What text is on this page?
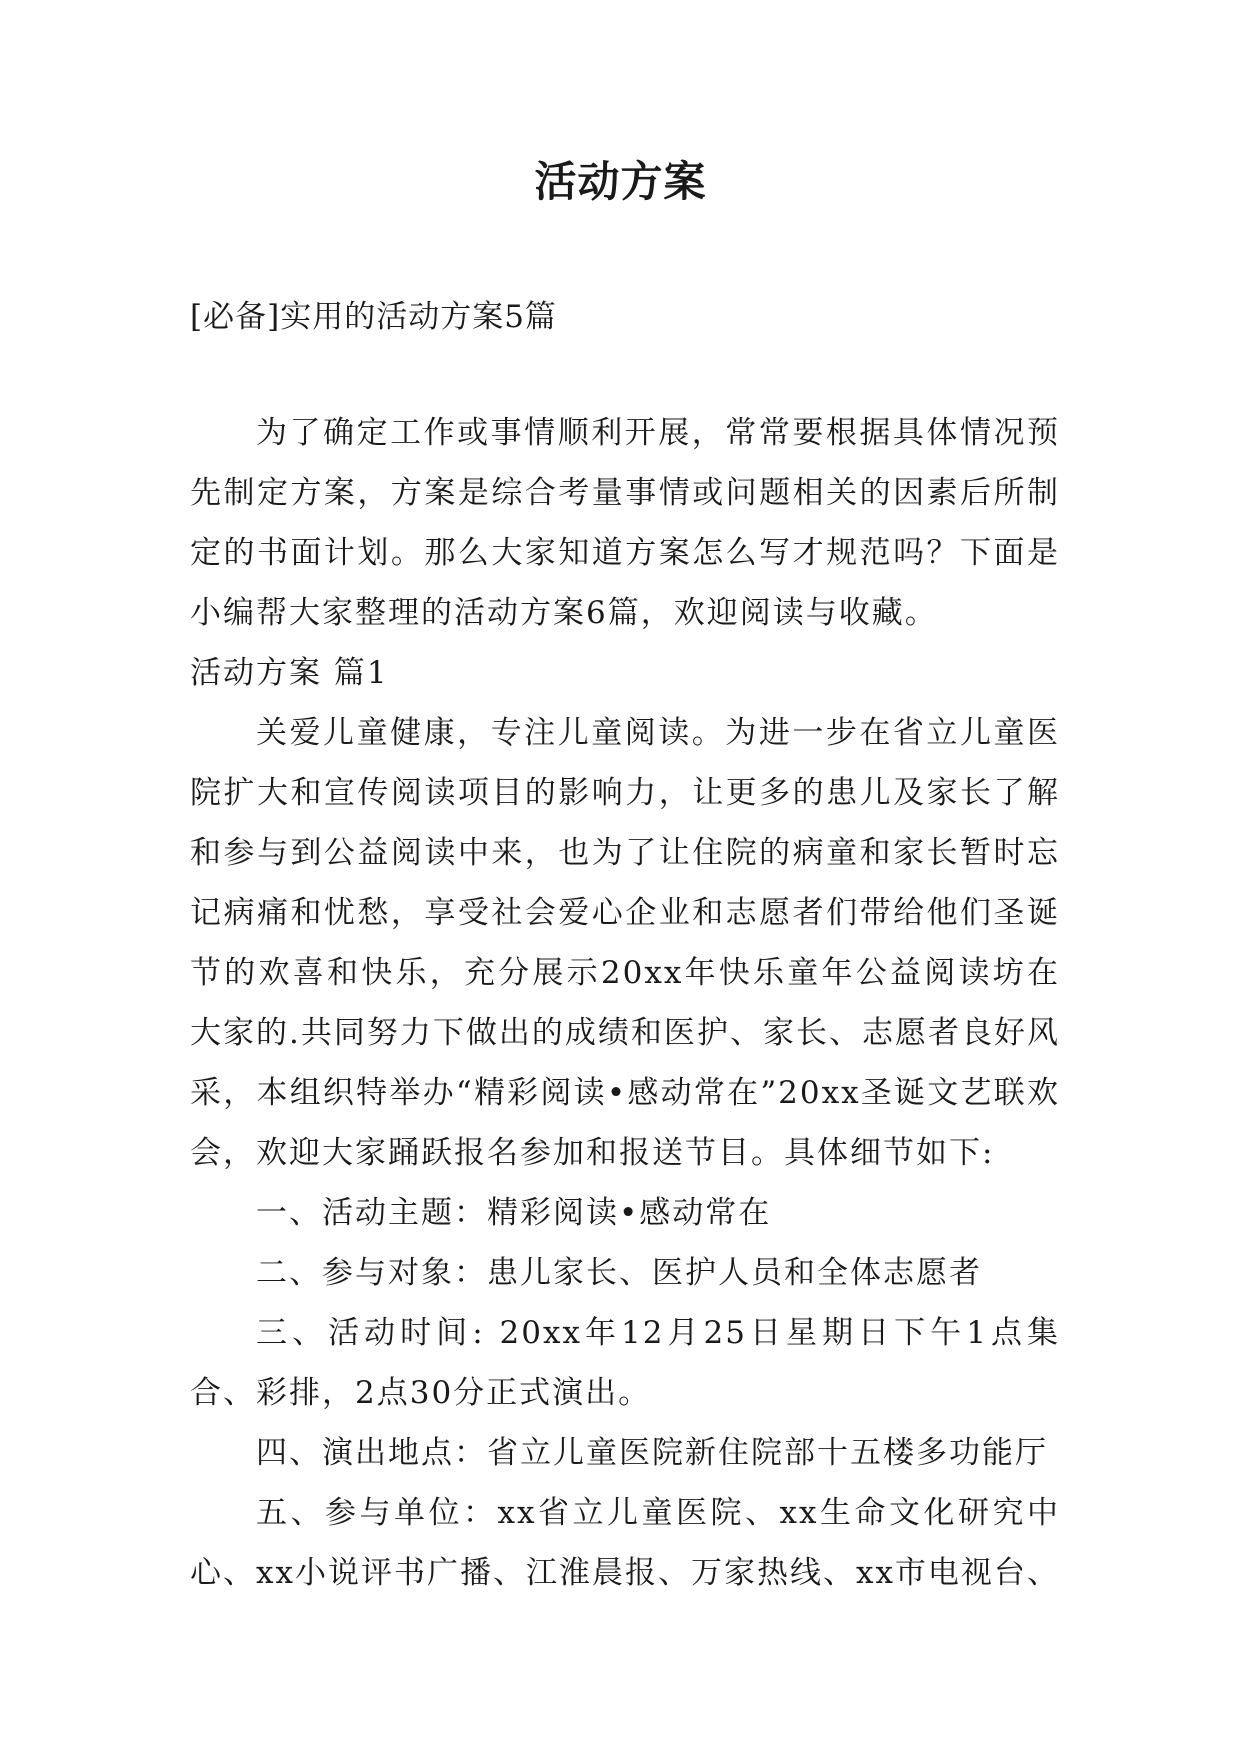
活动方案
[必备]实用的活动方案5篇

为了确定工作或事情顺利开展，常常要根据具体情况预先制定方案，方案是综合考量事情或问题相关的因素后所制定的书面计划。那么大家知道方案怎么写才规范吗？下面是小编帮大家整理的活动方案6篇，欢迎阅读与收藏。

活动方案 篇1

关爱儿童健康，专注儿童阅读。为进一步在省立儿童医院扩大和宣传阅读项目的影响力，让更多的患儿及家长了解和参与到公益阅读中来，也为了让住院的病童和家长暂时忘记病痛和忧愁，享受社会爱心企业和志愿者们带给他们圣诞节的欢喜和快乐，充分展示20xx年快乐童年公益阅读坊在大家的.共同努力下做出的成绩和医护、家长、志愿者良好风采，本组织特举办“精彩阅读•感动常在”20xx圣诞文艺联欢会，欢迎大家踊跃报名参加和报送节目。具体细节如下:

一、活动主题：精彩阅读•感动常在

二、参与对象：患儿家长、医护人员和全体志愿者

三、活动时间: 20xx年12月25日星期日下午1点集合、彩排，2点30分正式演出。

四、演出地点：省立儿童医院新住院部十五楼多功能厅

五、参与单位：xx省立儿童医院、xx生命文化研究中心、xx小说评书广播、江淮晨报、万家热线、xx市电视台、
